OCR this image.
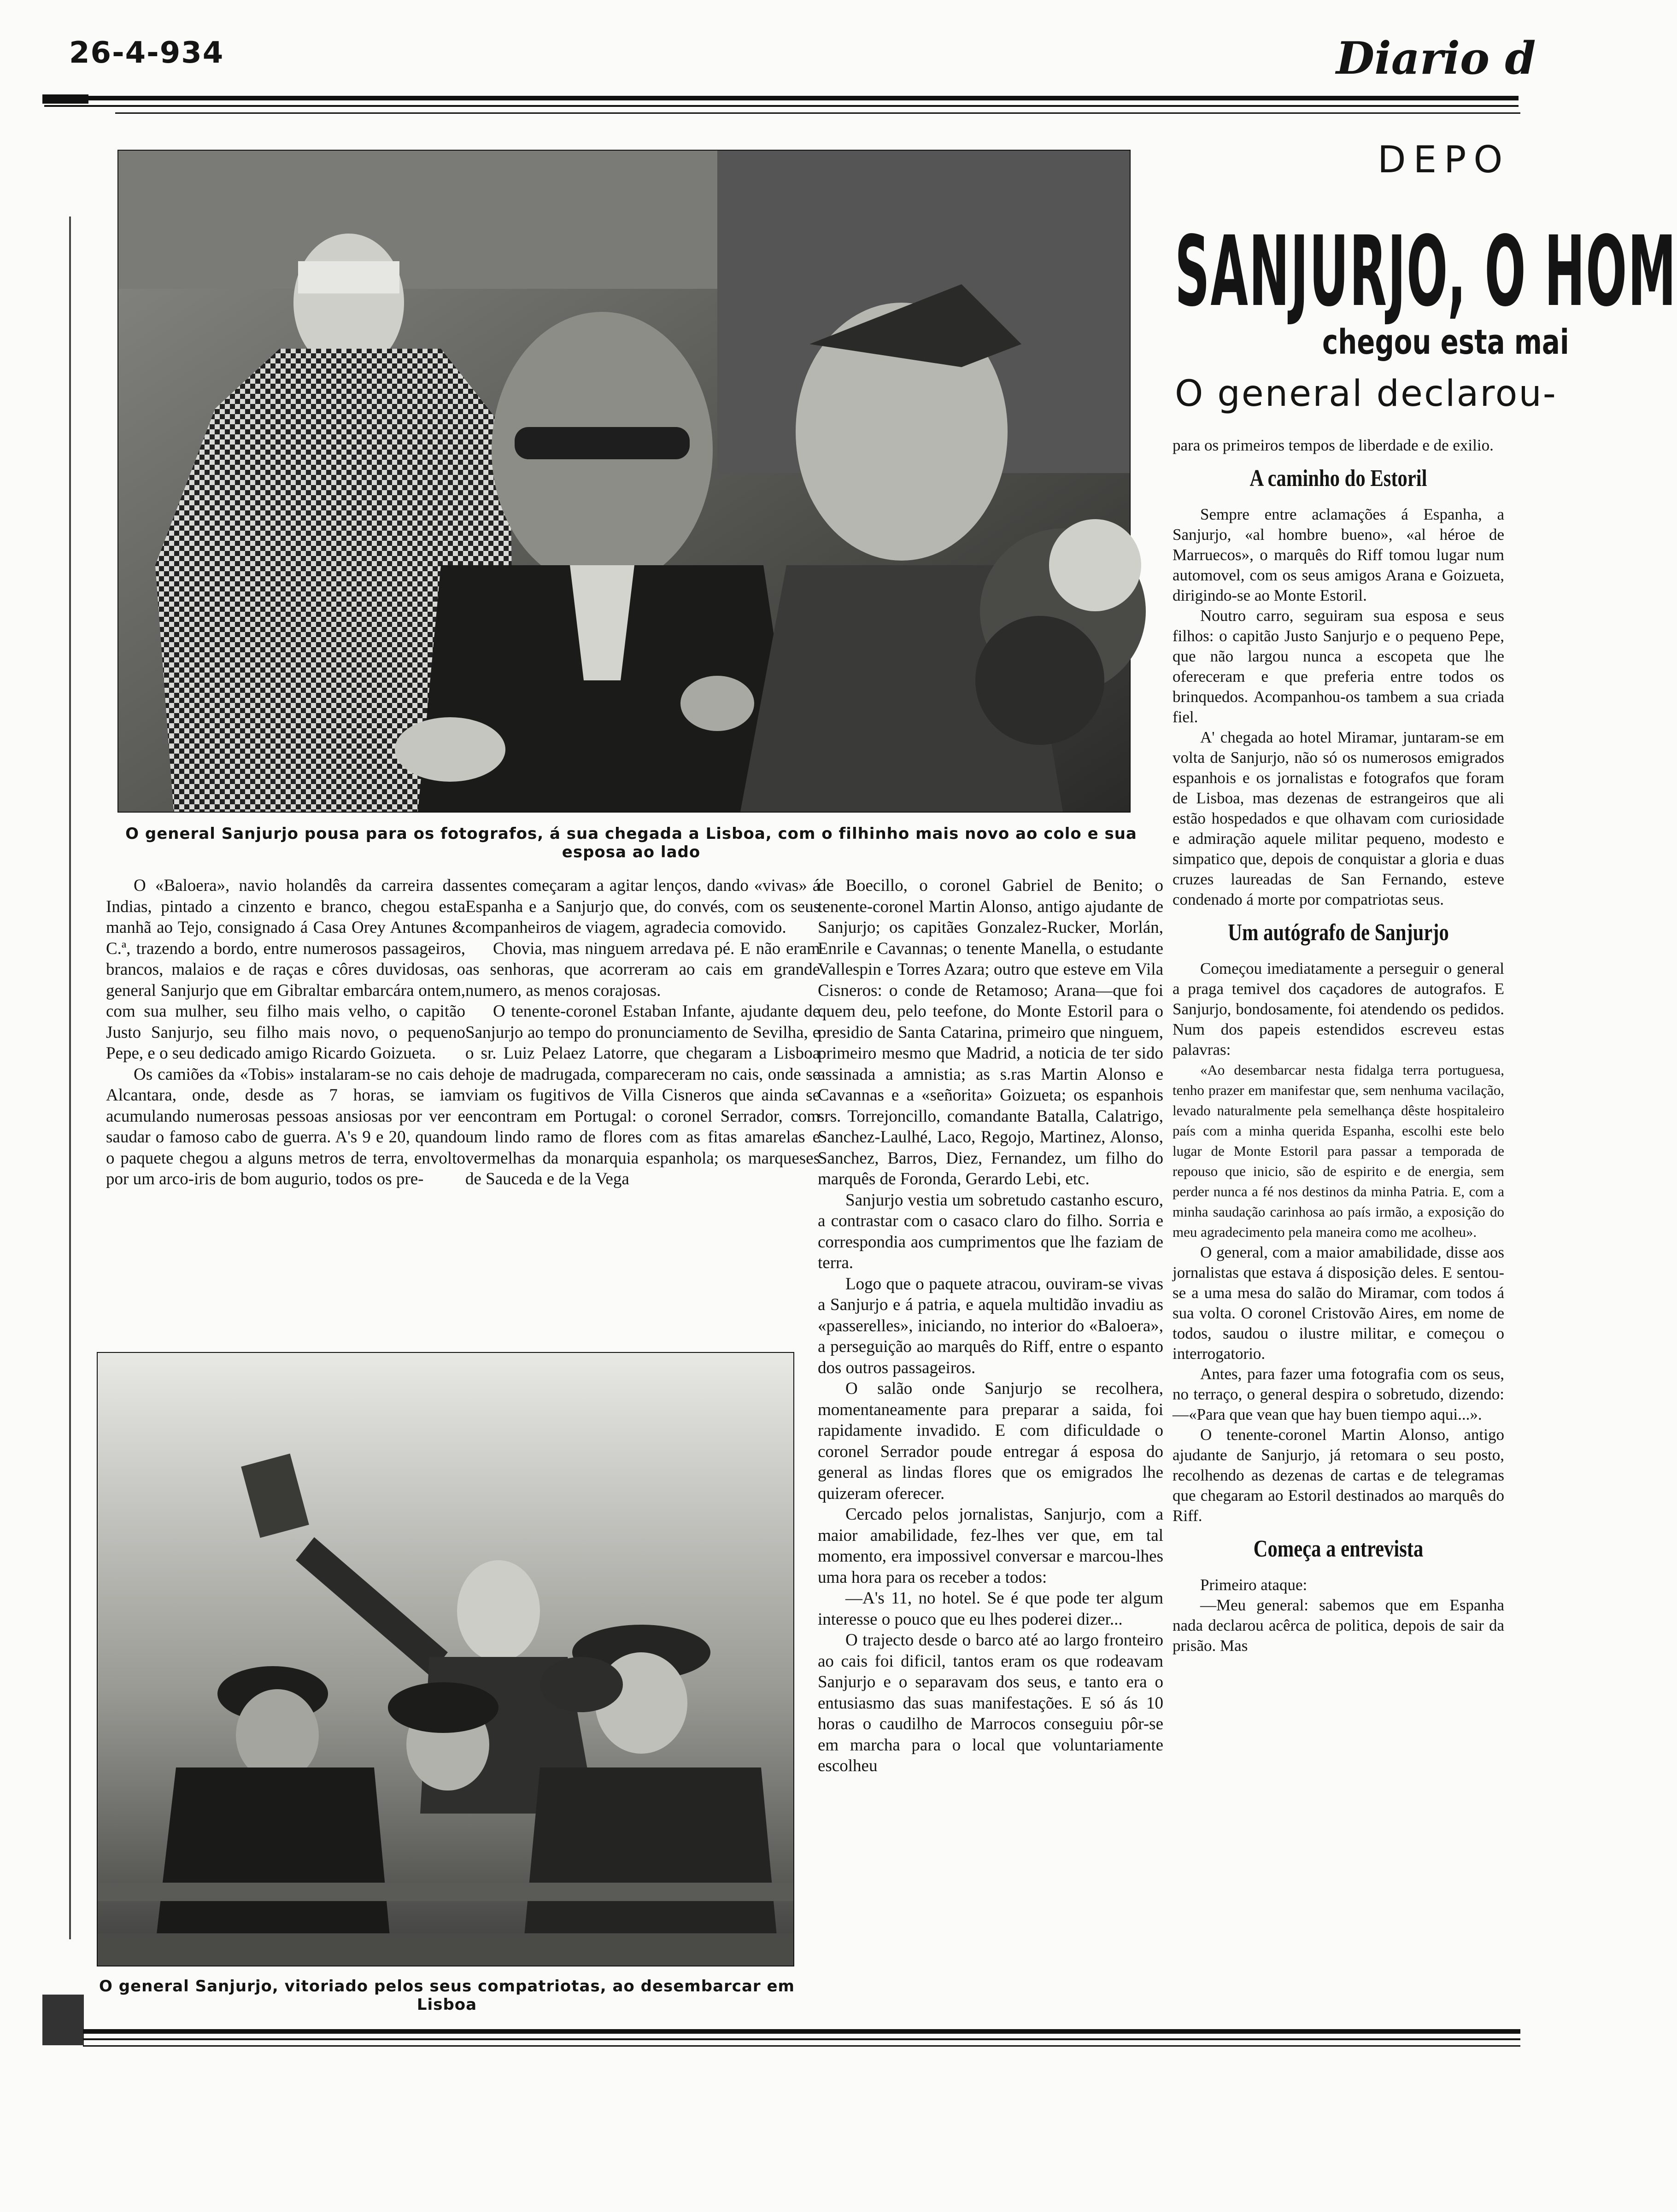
26-4-934	Diario d
O general Sanjurjo pousa para os fotografos, á sua chegada a Lisboa, com o filhinho mais novo ao colo e sua esposa ao lado

O «Baloera», navio holandês da carreira das Indias, pintado a cinzento e branco, chegou esta manhã ao Tejo, consignado á Casa Orey Antunes & C.ª, trazendo a bordo, entre numerosos passageiros, brancos, malaios e de raças e côres duvidosas, o general Sanjurjo que em Gibraltar embarcára ontem, com sua mulher, seu filho mais velho, o capitão Justo Sanjurjo, seu filho mais novo, o pequeno Pepe, e o seu dedicado amigo Ricardo Goizueta.

Os camiões da «Tobis» instalaram-se no cais de Alcantara, onde, desde as 7 horas, se iam acumulando numerosas pessoas ansiosas por ver e saudar o famoso cabo de guerra. A's 9 e 20, quando o paquete chegou a alguns metros de terra, envolto por um arco-iris de bom augurio, todos os pre-

sentes começaram a agitar lenços, dando «vivas» á Espanha e a Sanjurjo que, do convés, com os seus companheiros de viagem, agradecia comovido.

Chovia, mas ninguem arredava pé. E não eram as senhoras, que acorreram ao cais em grande numero, as menos corajosas.

O tenente-coronel Estaban Infante, ajudante de Sanjurjo ao tempo do pronunciamento de Sevilha, e o sr. Luiz Pelaez Latorre, que chegaram a Lisboa hoje de madrugada, compareceram no cais, onde se viam os fugitivos de Villa Cisneros que ainda se encontram em Portugal: o coronel Serrador, com um lindo ramo de flores com as fitas amarelas e vermelhas da monarquia espanhola; os marqueses de Sauceda e de la Vega

O general Sanjurjo, vitoriado pelos seus compatriotas, ao desembarcar em Lisboa

de Boecillo, o coronel Gabriel de Benito; o tenente-coronel Martin Alonso, antigo ajudante de Sanjurjo; os capitães Gonzalez-Rucker, Morlán, Enrile e Cavannas; o tenente Manella, o estudante Vallespin e Torres Azara; outro que esteve em Vila Cisneros: o conde de Retamoso; Arana—que foi quem deu, pelo teefone, do Monte Estoril para o presidio de Santa Catarina, primeiro que ninguem, primeiro mesmo que Madrid, a noticia de ter sido assinada a amnistia; as s.ras Martin Alonso e Cavannas e a «señorita» Goizueta; os espanhois srs. Torrejoncillo, comandante Batalla, Calatrigo, Sanchez-Laulhé, Laco, Regojo, Martinez, Alonso, Sanchez, Barros, Diez, Fernandez, um filho do marquês de Foronda, Gerardo Lebi, etc.

Sanjurjo vestia um sobretudo castanho escuro, a contrastar com o casaco claro do filho. Sorria e correspondia aos cumprimentos que lhe faziam de terra.

Logo que o paquete atracou, ouviram-se vivas a Sanjurjo e á patria, e aquela multidão invadiu as «passerelles», iniciando, no interior do «Baloera», a perseguição ao marquês do Riff, entre o espanto dos outros passageiros.

O salão onde Sanjurjo se recolhera, momentaneamente para preparar a saida, foi rapidamente invadido. E com dificuldade o coronel Serrador poude entregar á esposa do general as lindas flores que os emigrados lhe quizeram oferecer.

Cercado pelos jornalistas, Sanjurjo, com a maior amabilidade, fez-lhes ver que, em tal momento, era impossivel conversar e marcou-lhes uma hora para os receber a todos:

—A's 11, no hotel. Se é que pode ter algum interesse o pouco que eu lhes poderei dizer...

O trajecto desde o barco até ao largo fronteiro ao cais foi dificil, tantos eram os que rodeavam Sanjurjo e o separavam dos seus, e tanto era o entusiasmo das suas manifestações. E só ás 10 horas o caudilho de Marrocos conseguiu pôr-se em marcha para o local que voluntariamente escolheu

DEPO
SANJURJO, O HOM
chegou esta mai
O general declarou-

para os primeiros tempos de liberdade e de exilio.

A caminho do Estoril

Sempre entre aclamações á Espanha, a Sanjurjo, «al hombre bueno», «al héroe de Marruecos», o marquês do Riff tomou lugar num automovel, com os seus amigos Arana e Goizueta, dirigindo-se ao Monte Estoril.

Noutro carro, seguiram sua esposa e seus filhos: o capitão Justo Sanjurjo e o pequeno Pepe, que não largou nunca a escopeta que lhe ofereceram e que preferia entre todos os brinquedos. Acompanhou-os tambem a sua criada fiel.

A' chegada ao hotel Miramar, juntaram-se em volta de Sanjurjo, não só os numerosos emigrados espanhois e os jornalistas e fotografos que foram de Lisboa, mas dezenas de estrangeiros que ali estão hospedados e que olhavam com curiosidade e admiração aquele militar pequeno, modesto e simpatico que, depois de conquistar a gloria e duas cruzes laureadas de San Fernando, esteve condenado á morte por compatriotas seus.

Um autógrafo de Sanjurjo

Começou imediatamente a perseguir o general a praga temivel dos caçadores de autografos. E Sanjurjo, bondosamente, foi atendendo os pedidos. Num dos papeis estendidos escreveu estas palavras:

«Ao desembarcar nesta fidalga terra portuguesa, tenho prazer em manifestar que, sem nenhuma vacilação, levado naturalmente pela semelhança dêste hospitaleiro país com a minha querida Espanha, escolhi este belo lugar de Monte Estoril para passar a temporada de repouso que inicio, são de espirito e de energia, sem perder nunca a fé nos destinos da minha Patria. E, com a minha saudação carinhosa ao país irmão, a exposição do meu agradecimento pela maneira como me acolheu».

O general, com a maior amabilidade, disse aos jornalistas que estava á disposição deles. E sentou-se a uma mesa do salão do Miramar, com todos á sua volta. O coronel Cristovão Aires, em nome de todos, saudou o ilustre militar, e começou o interrogatorio.

Antes, para fazer uma fotografia com os seus, no terraço, o general despira o sobretudo, dizendo:—«Para que vean que hay buen tiempo aqui...».

O tenente-coronel Martin Alonso, antigo ajudante de Sanjurjo, já retomara o seu posto, recolhendo as dezenas de cartas e de telegramas que chegaram ao Estoril destinados ao marquês do Riff.

Começa a entrevista

Primeiro ataque:

—Meu general: sabemos que em Espanha nada declarou acêrca de politica, depois de sair da prisão. Mas
